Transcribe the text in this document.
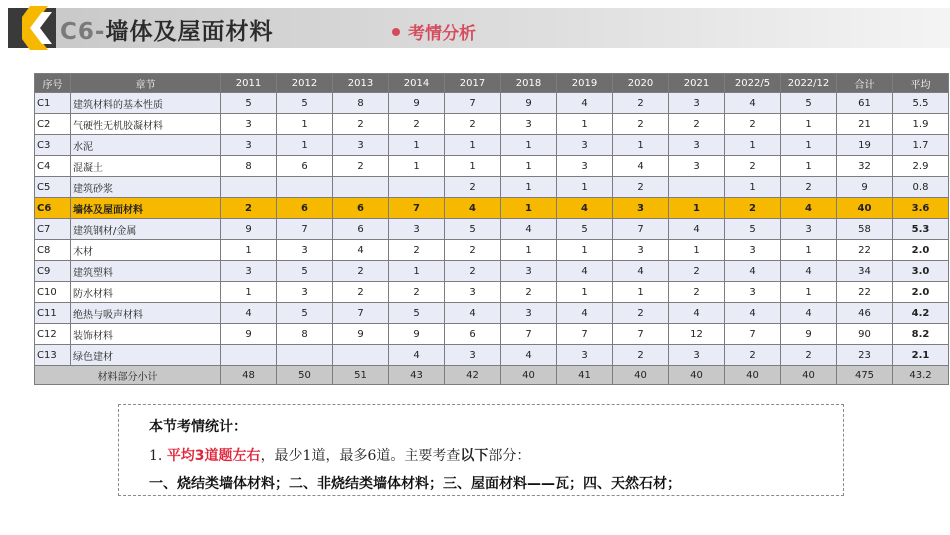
C6-墙体及屋面材料	考情分析
序号	章节	2011	2012	2013	2014	2017	2018	2019	2020	2021	2022/5	2022/12	合计	平均
C1	建筑材料的基本性质	5	5	8	9	7	9	4	2	3	4	5	61	5.5
C2	气硬性无机胶凝材料	3	1	2	2	2	3	1	2	2	2	1	21	1.9
C3	水泥	3	1	3	1	1	1	3	1	3	1	1	19	1.7
C4	混凝土	8	6	2	1	1	1	3	4	3	2	1	32	2.9
C5	建筑砂浆					2	1	1	2		1	2	9	0.8
C6	墙体及屋面材料	2	6	6	7	4	1	4	3	1	2	4	40	3.6
C7	建筑钢材/金属	9	7	6	3	5	4	5	7	4	5	3	58	5.3
C8	木材	1	3	4	2	2	1	1	3	1	3	1	22	2.0
C9	建筑塑料	3	5	2	1	2	3	4	4	2	4	4	34	3.0
C10	防水材料	1	3	2	2	3	2	1	1	2	3	1	22	2.0
C11	绝热与吸声材料	4	5	7	5	4	3	4	2	4	4	4	46	4.2
C12	装饰材料	9	8	9	9	6	7	7	7	12	7	9	90	8.2
C13	绿色建材				4	3	4	3	2	3	2	2	23	2.1
材料部分小计		48	50	51	43	42	40	41	40	40	40	40	475	43.2
本节考情统计：
1. 平均3道题左右，最少1道，最多6道。主要考查以下部分：
一、烧结类墙体材料；二、非烧结类墙体材料；三、屋面材料——瓦；四、天然石材；
